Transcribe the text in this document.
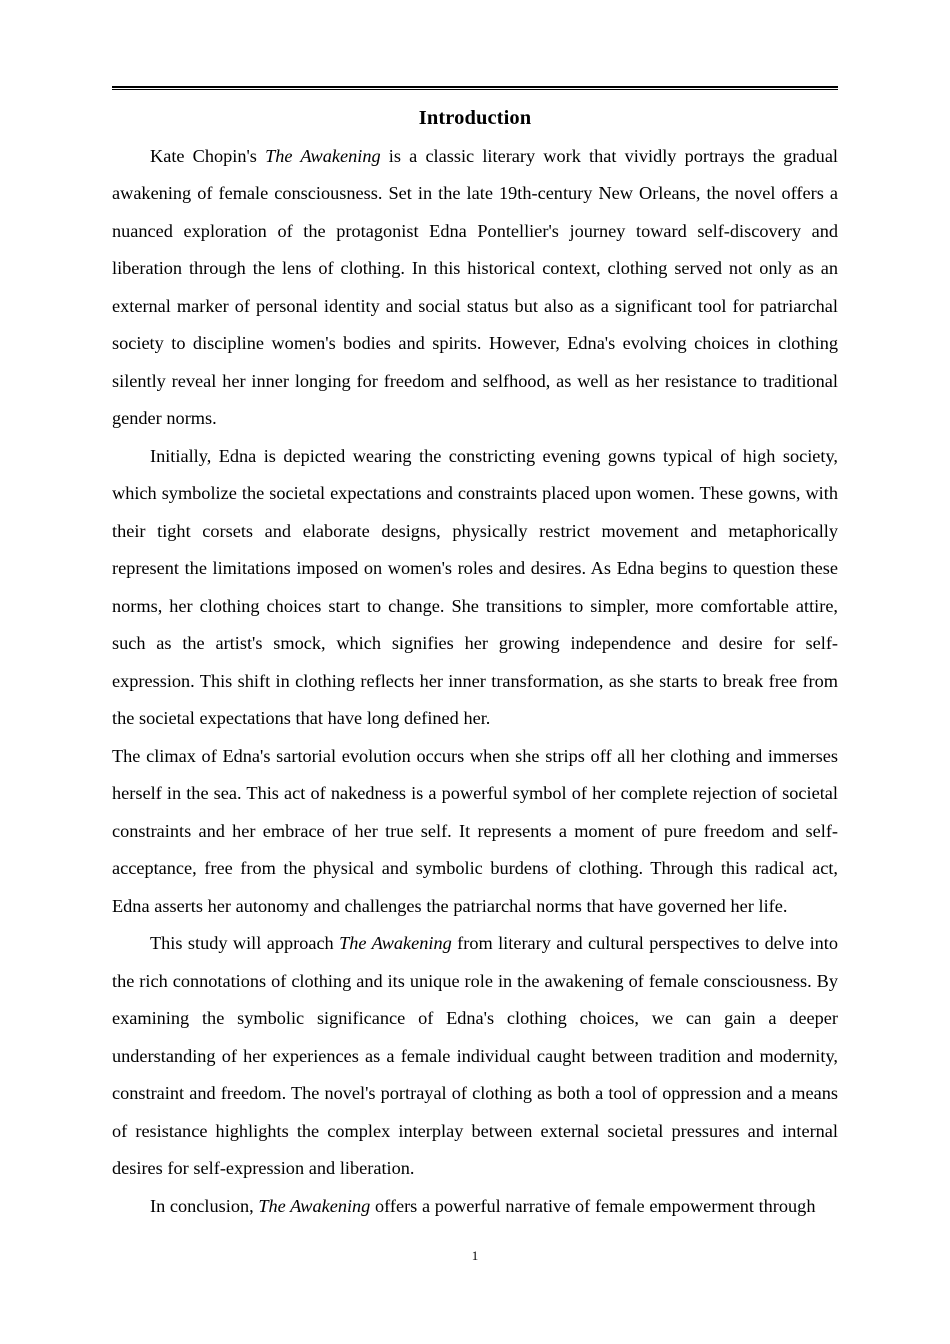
Introduction

Kate Chopin's The Awakening is a classic literary work that vividly portrays the gradual awakening of female consciousness. Set in the late 19th-century New Orleans, the novel offers a nuanced exploration of the protagonist Edna Pontellier's journey toward self-discovery and liberation through the lens of clothing. In this historical context, clothing served not only as an external marker of personal identity and social status but also as a significant tool for patriarchal society to discipline women's bodies and spirits. However, Edna's evolving choices in clothing silently reveal her inner longing for freedom and selfhood, as well as her resistance to traditional gender norms.

Initially, Edna is depicted wearing the constricting evening gowns typical of high society, which symbolize the societal expectations and constraints placed upon women. These gowns, with their tight corsets and elaborate designs, physically restrict movement and metaphorically represent the limitations imposed on women's roles and desires. As Edna begins to question these norms, her clothing choices start to change. She transitions to simpler, more comfortable attire, such as the artist's smock, which signifies her growing independence and desire for self-expression. This shift in clothing reflects her inner transformation, as she starts to break free from the societal expectations that have long defined her.

The climax of Edna's sartorial evolution occurs when she strips off all her clothing and immerses herself in the sea. This act of nakedness is a powerful symbol of her complete rejection of societal constraints and her embrace of her true self. It represents a moment of pure freedom and self-acceptance, free from the physical and symbolic burdens of clothing. Through this radical act, Edna asserts her autonomy and challenges the patriarchal norms that have governed her life.

This study will approach The Awakening from literary and cultural perspectives to delve into the rich connotations of clothing and its unique role in the awakening of female consciousness. By examining the symbolic significance of Edna's clothing choices, we can gain a deeper understanding of her experiences as a female individual caught between tradition and modernity, constraint and freedom. The novel's portrayal of clothing as both a tool of oppression and a means of resistance highlights the complex interplay between external societal pressures and internal desires for self-expression and liberation.

In conclusion, The Awakening offers a powerful narrative of female empowerment through

1
